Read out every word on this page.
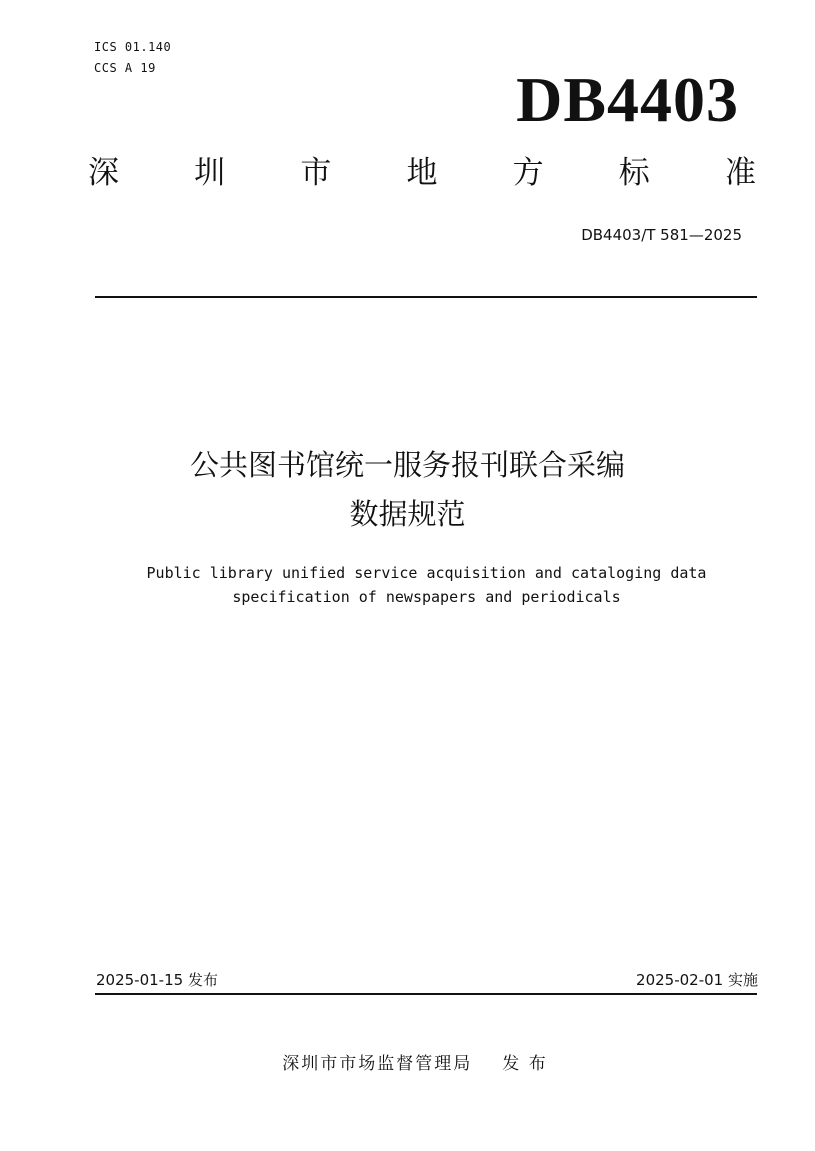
ICS 01.140
CCS A 19	DB4403
深 圳 市 地 方 标 准
DB4403/T 581—2025
公共图书馆统一服务报刊联合采编
数据规范
Public library unified service acquisition and cataloging data
specification of newspapers and periodicals
2025-01-15 发布	2025-02-01 实施
深圳市市场监督管理局 发 布
